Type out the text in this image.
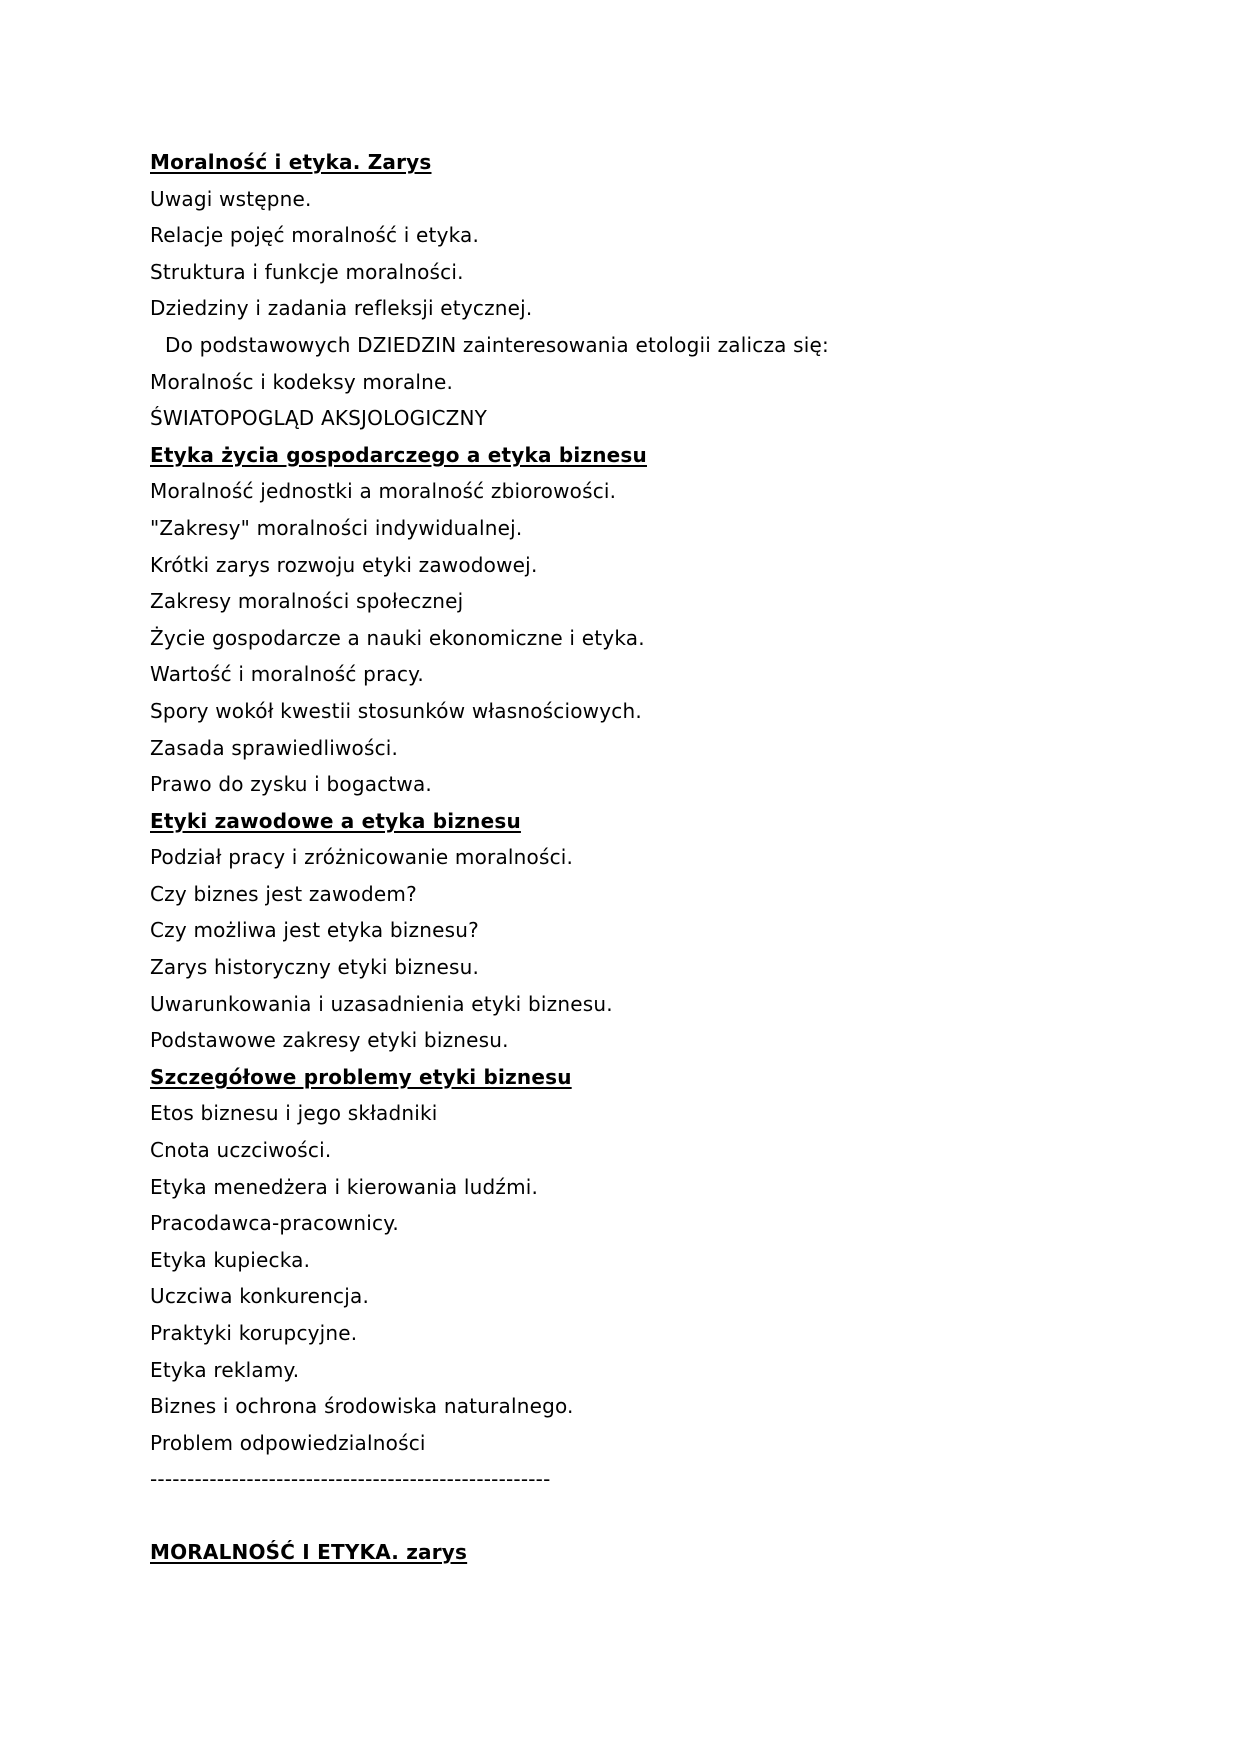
Moralność i etyka. Zarys
Uwagi wstępne.
Relacje pojęć moralność i etyka.
Struktura i funkcje moralności.
Dziedziny i zadania refleksji etycznej.
Do podstawowych DZIEDZIN zainteresowania etologii zalicza się:
Moralnośc i kodeksy moralne.
ŚWIATOPOGLĄD AKSJOLOGICZNY
Etyka życia gospodarczego a etyka biznesu
Moralność jednostki a moralność zbiorowości.
"Zakresy" moralności indywidualnej.
Krótki zarys rozwoju etyki zawodowej.
Zakresy moralności społecznej
Życie gospodarcze a nauki ekonomiczne i etyka.
Wartość i moralność pracy.
Spory wokół kwestii stosunków własnościowych.
Zasada sprawiedliwości.
Prawo do zysku i bogactwa.
Etyki zawodowe a etyka biznesu
Podział pracy i zróżnicowanie moralności.
Czy biznes jest zawodem?
Czy możliwa jest etyka biznesu?
Zarys historyczny etyki biznesu.
Uwarunkowania i uzasadnienia etyki biznesu.
Podstawowe zakresy etyki biznesu.
Szczegółowe problemy etyki biznesu
Etos biznesu i jego składniki
Cnota uczciwości.
Etyka menedżera i kierowania ludźmi.
Pracodawca-pracownicy.
Etyka kupiecka.
Uczciwa konkurencja.
Praktyki korupcyjne.
Etyka reklamy.
Biznes i ochrona środowiska naturalnego.
Problem odpowiedzialności
------------------------------------------------------
MORALNOŚĆ I ETYKA. zarys
